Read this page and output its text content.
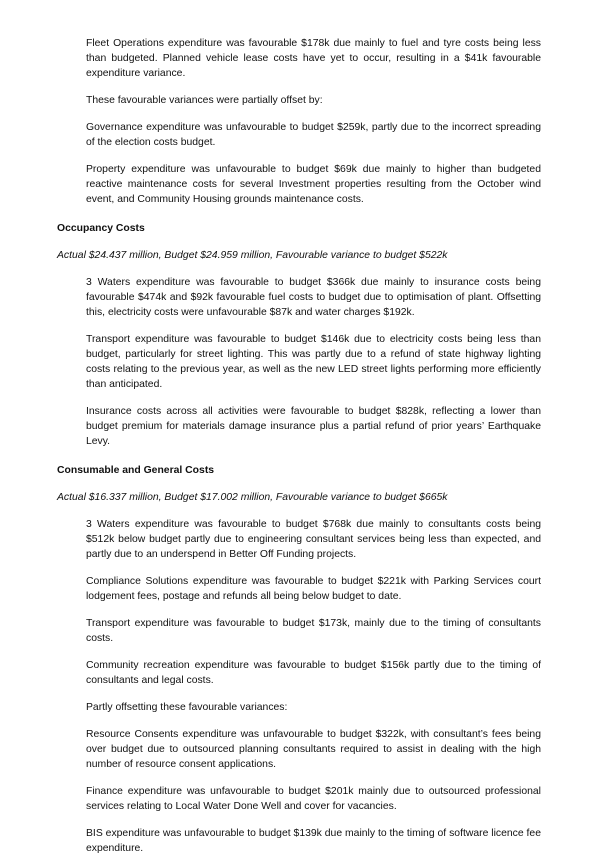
Fleet Operations expenditure was favourable $178k due mainly to fuel and tyre costs being less than budgeted. Planned vehicle lease costs have yet to occur, resulting in a $41k favourable expenditure variance.

These favourable variances were partially offset by:

Governance expenditure was unfavourable to budget $259k, partly due to the incorrect spreading of the election costs budget.

Property expenditure was unfavourable to budget $69k due mainly to higher than budgeted reactive maintenance costs for several Investment properties resulting from the October wind event, and Community Housing grounds maintenance costs.

Occupancy Costs

Actual $24.437 million, Budget $24.959 million, Favourable variance to budget $522k

3 Waters expenditure was favourable to budget $366k due mainly to insurance costs being favourable $474k and $92k favourable fuel costs to budget due to optimisation of plant. Offsetting this, electricity costs were unfavourable $87k and water charges $192k.

Transport expenditure was favourable to budget $146k due to electricity costs being less than budget, particularly for street lighting. This was partly due to a refund of state highway lighting costs relating to the previous year, as well as the new LED street lights performing more efficiently than anticipated.

Insurance costs across all activities were favourable to budget $828k, reflecting a lower than budget premium for materials damage insurance plus a partial refund of prior years’ Earthquake Levy.

Consumable and General Costs

Actual $16.337 million, Budget $17.002 million, Favourable variance to budget $665k

3 Waters expenditure was favourable to budget $768k due mainly to consultants costs being $512k below budget partly due to engineering consultant services being less than expected, and partly due to an underspend in Better Off Funding projects.

Compliance Solutions expenditure was favourable to budget $221k with Parking Services court lodgement fees, postage and refunds all being below budget to date.

Transport expenditure was favourable to budget $173k, mainly due to the timing of consultants costs.

Community recreation expenditure was favourable to budget $156k partly due to the timing of consultants and legal costs.

Partly offsetting these favourable variances:

Resource Consents expenditure was unfavourable to budget $322k, with consultant’s fees being over budget due to outsourced planning consultants required to assist in dealing with the high number of resource consent applications.

Finance expenditure was unfavourable to budget $201k mainly due to outsourced professional services relating to Local Water Done Well and cover for vacancies.

BIS expenditure was unfavourable to budget $139k due mainly to the timing of software licence fee expenditure.
